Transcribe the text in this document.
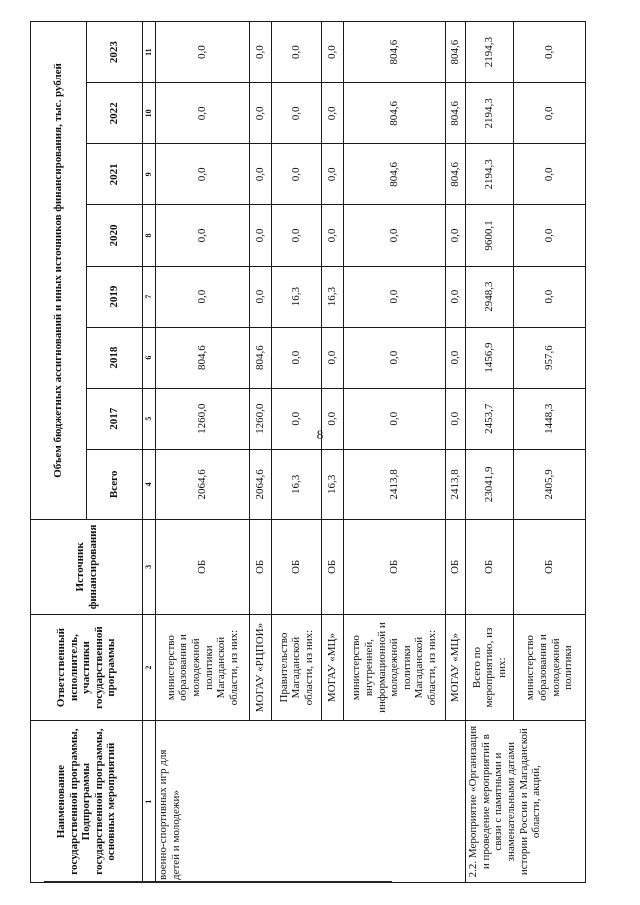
8
Наименование государственной программы, Подпрограммы государственной программы, основных мероприятий	Ответственный исполнитель, участники государственной программы	Источник финансирования	Объем бюджетных ассигнований и иных источников финансирования, тыс. рублей							
			Всего	2017	2018	2019	2020	2021	2022	2023
1	2	3	4	5	6	7	8	9	10	11
военно-спортивных игр для детей и молодежи»	министерство образования и молодежной политики Магаданской области, из них:	ОБ	2064,6	1260,0	804,6	0,0	0,0	0,0	0,0	0,0
	МОГАУ «РЦПОИ»	ОБ	2064,6	1260,0	804,6	0,0	0,0	0,0	0,0	0,0
	Правительство Магаданской области, из них:	ОБ	16,3	0,0	0,0	16,3	0,0	0,0	0,0	0,0
	МОГАУ «МЦ»	ОБ	16,3	0,0	0,0	16,3	0,0	0,0	0,0	0,0
	министерство внутренней, информационной и молодежной политики Магаданской области, из них:	ОБ	2413,8	0,0	0,0	0,0	0,0	804,6	804,6	804,6
	МОГАУ «МЦ»	ОБ	2413,8	0,0	0,0	0,0	0,0	804,6	804,6	804,6
2.2. Мероприятие «Организация и проведение мероприятий в связи с памятными и знаменательными датами истории России и Магаданской области, акций,	Всего по мероприятию, из них:	ОБ	23041,9	2453,7	1456,9	2948,3	9600,1	2194,3	2194,3	2194,3
	министерство образования и молодежной политики	ОБ	2405,9	1448,3	957,6	0,0	0,0	0,0	0,0	0,0
